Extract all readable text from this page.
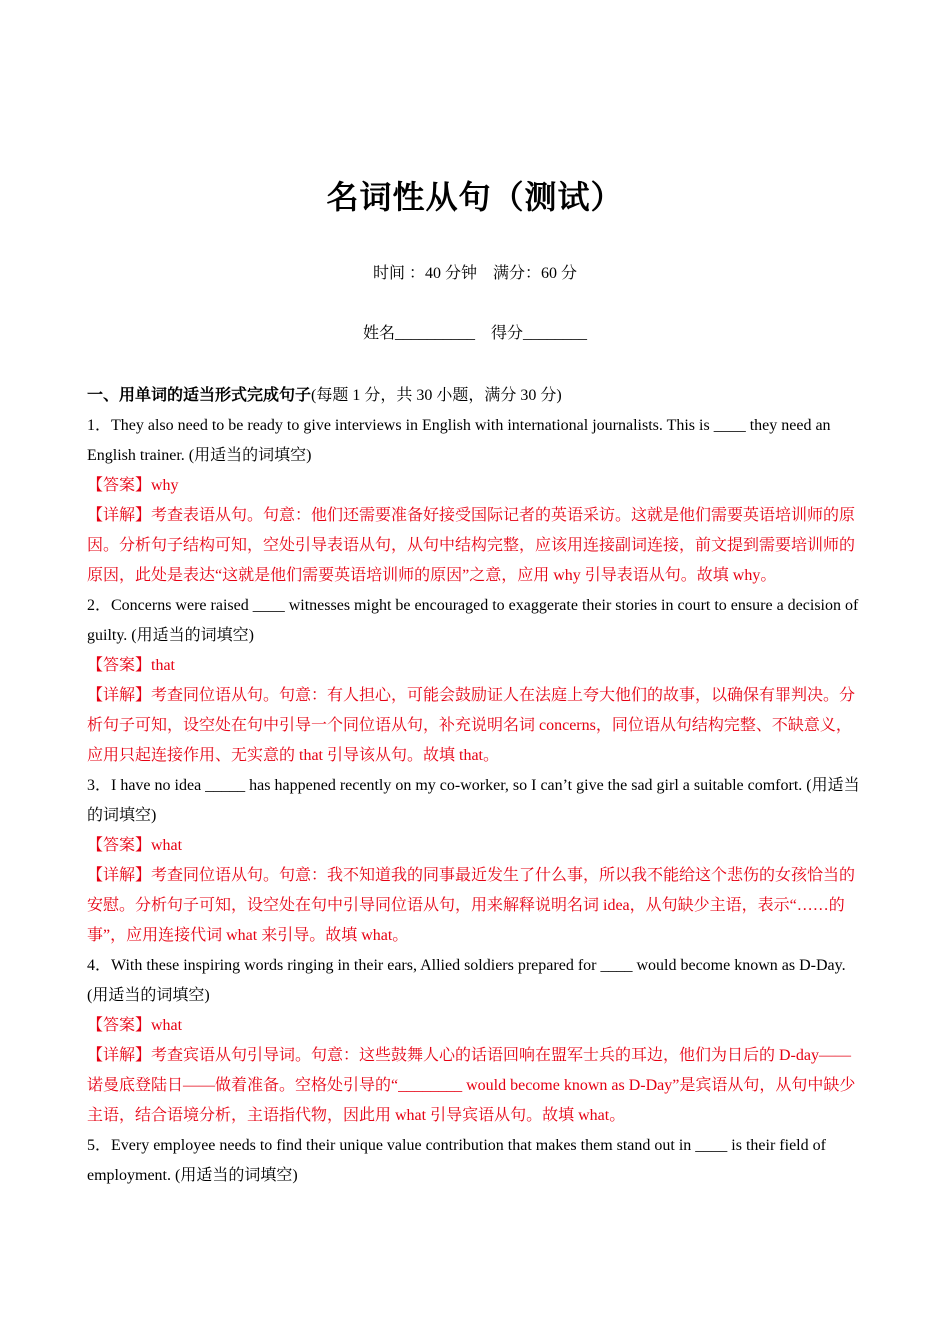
名词性从句（测试）
时间 ：40 分钟    满分：60 分
姓名__________    得分________

一、用单词的适当形式完成句子(每题 1 分，共 30 小题，满分 30 分)

1．They also need to be ready to give interviews in English with international journalists. This is ____ they need an English trainer. (用适当的词填空)

【答案】why

【详解】考查表语从句。句意：他们还需要准备好接受国际记者的英语采访。这就是他们需要英语培训师的原因。分析句子结构可知，空处引导表语从句，从句中结构完整，应该用连接副词连接，前文提到需要培训师的原因，此处是表达“这就是他们需要英语培训师的原因”之意，应用 why 引导表语从句。故填 why。

2．Concerns were raised ____ witnesses might be encouraged to exaggerate their stories in court to ensure a decision of guilty. (用适当的词填空)

【答案】that

【详解】考查同位语从句。句意：有人担心，可能会鼓励证人在法庭上夸大他们的故事，以确保有罪判决。分析句子可知，设空处在句中引导一个同位语从句，补充说明名词 concerns，同位语从句结构完整、不缺意义，应用只起连接作用、无实意的 that 引导该从句。故填 that。

3．I have no idea _____ has happened recently on my co-worker, so I can’t give the sad girl a suitable comfort. (用适当的词填空)

【答案】what

【详解】考查同位语从句。句意：我不知道我的同事最近发生了什么事，所以我不能给这个悲伤的女孩恰当的安慰。分析句子可知，设空处在句中引导同位语从句，用来解释说明名词 idea，从句缺少主语，表示“……的事”，应用连接代词 what 来引导。故填 what。

4．With these inspiring words ringing in their ears, Allied soldiers prepared for ____ would become known as D-Day. (用适当的词填空)

【答案】what

【详解】考查宾语从句引导词。句意：这些鼓舞人心的话语回响在盟军士兵的耳边，他们为日后的 D-day——诺曼底登陆日——做着准备。空格处引导的“________ would become known as D-Day”是宾语从句，从句中缺少主语，结合语境分析，主语指代物，因此用 what 引导宾语从句。故填 what。

5．Every employee needs to find their unique value contribution that makes them stand out in ____ is their field of employment. (用适当的词填空)
